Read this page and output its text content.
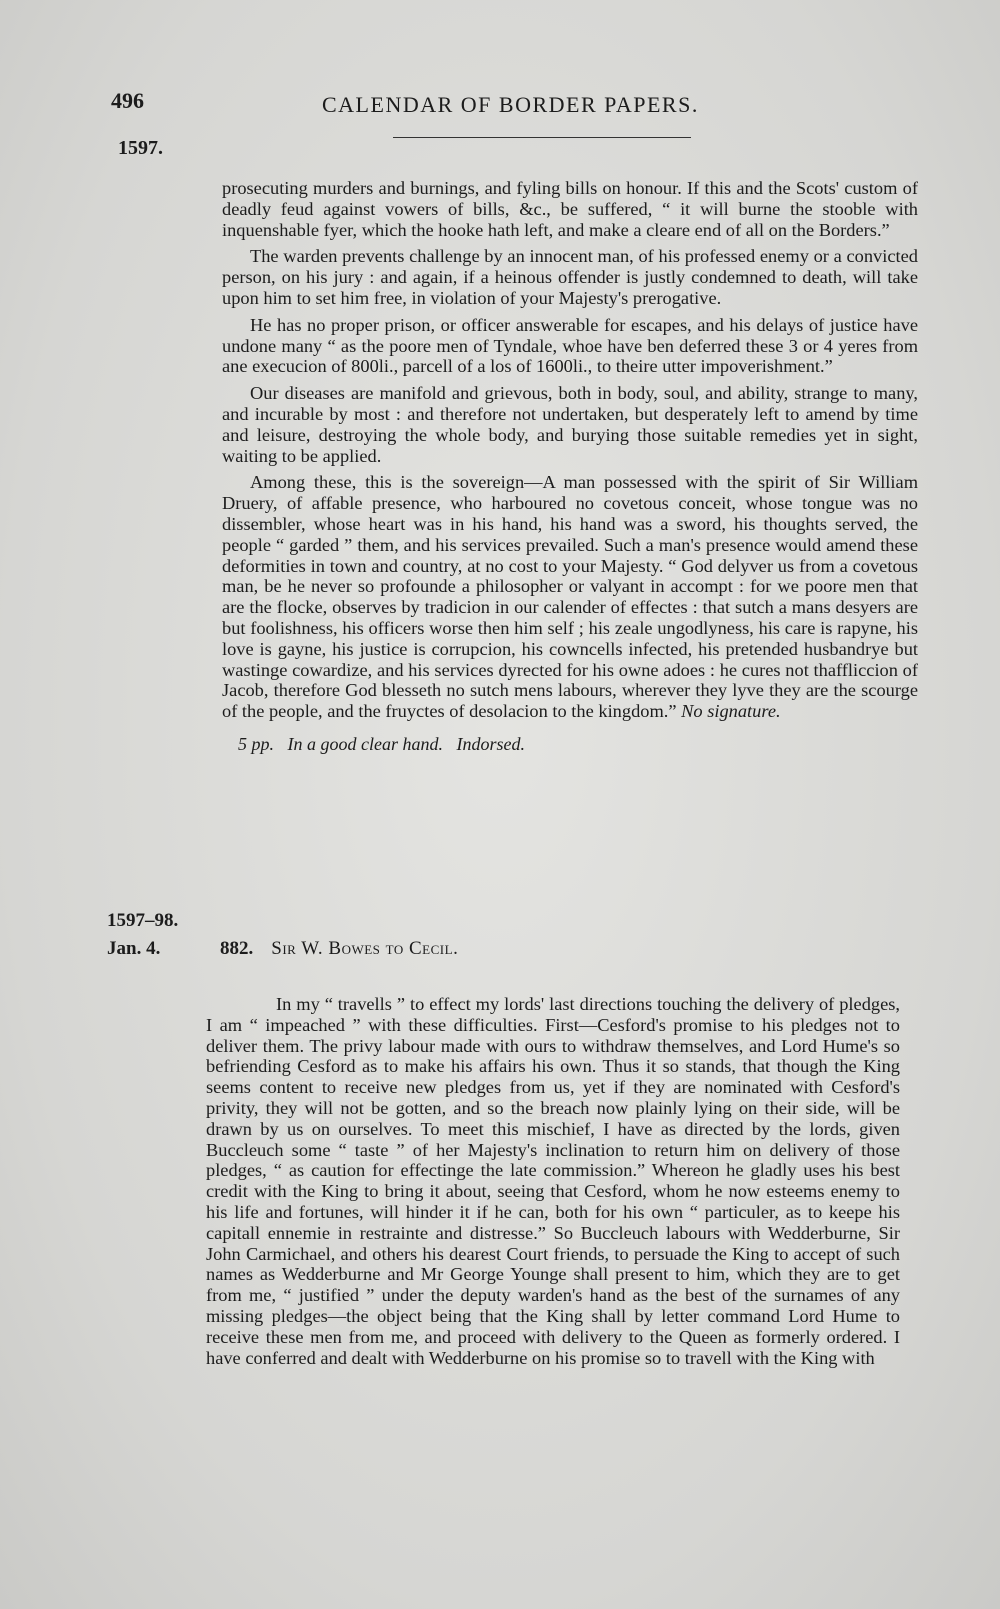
496	CALENDAR OF BORDER PAPERS.
1597.

prosecuting murders and burnings, and fyling bills on honour. If this and the Scots' custom of deadly feud against vowers of bills, &c., be suffered, “ it will burne the stooble with inquenshable fyer, which the hooke hath left, and make a cleare end of all on the Borders.”

The warden prevents challenge by an innocent man, of his professed enemy or a convicted person, on his jury : and again, if a heinous offender is justly condemned to death, will take upon him to set him free, in violation of your Majesty's prerogative.

He has no proper prison, or officer answerable for escapes, and his delays of justice have undone many “ as the poore men of Tyndale, whoe have ben deferred these 3 or 4 yeres from ane execucion of 800li., parcell of a los of 1600li., to theire utter impoverishment.”

Our diseases are manifold and grievous, both in body, soul, and ability, strange to many, and incurable by most : and therefore not undertaken, but desperately left to amend by time and leisure, destroying the whole body, and burying those suitable remedies yet in sight, waiting to be applied.

Among these, this is the sovereign—A man possessed with the spirit of Sir William Druery, of affable presence, who harboured no covetous conceit, whose tongue was no dissembler, whose heart was in his hand, his hand was a sword, his thoughts served, the people “ garded ” them, and his services prevailed. Such a man's presence would amend these deformities in town and country, at no cost to your Majesty. “ God delyver us from a covetous man, be he never so profounde a philosopher or valyant in accompt : for we poore men that are the flocke, observes by tradicion in our calender of effectes : that sutch a mans desyers are but foolishness, his officers worse then him self ; his zeale ungodlyness, his care is rapyne, his love is gayne, his justice is corrupcion, his cowncells infected, his pretended husbandrye but wastinge cowardize, and his services dyrected for his owne adoes : he cures not thaffliccion of Jacob, therefore God blesseth no sutch mens labours, wherever they lyve they are the scourge of the people, and the fruyctes of desolacion to the kingdom.” No signature.

5 pp. In a good clear hand. Indorsed.
1597–98.
Jan. 4.	882. Sir W. Bowes to Cecil.

In my “ travells ” to effect my lords' last directions touching the delivery of pledges, I am “ impeached ” with these difficulties. First—Cesford's promise to his pledges not to deliver them. The privy labour made with ours to withdraw themselves, and Lord Hume's so befriending Cesford as to make his affairs his own. Thus it so stands, that though the King seems content to receive new pledges from us, yet if they are nominated with Cesford's privity, they will not be gotten, and so the breach now plainly lying on their side, will be drawn by us on ourselves. To meet this mischief, I have as directed by the lords, given Buccleuch some “ taste ” of her Majesty's inclination to return him on delivery of those pledges, “ as caution for effectinge the late commission.” Whereon he gladly uses his best credit with the King to bring it about, seeing that Cesford, whom he now esteems enemy to his life and fortunes, will hinder it if he can, both for his own “ particuler, as to keepe his capitall ennemie in restrainte and distresse.” So Buccleuch labours with Wedderburne, Sir John Carmichael, and others his dearest Court friends, to persuade the King to accept of such names as Wedderburne and Mr George Younge shall present to him, which they are to get from me, “ justified ” under the deputy warden's hand as the best of the surnames of any missing pledges—the object being that the King shall by letter command Lord Hume to receive these men from me, and proceed with delivery to the Queen as formerly ordered. I have conferred and dealt with Wedderburne on his promise so to travell with the King with
